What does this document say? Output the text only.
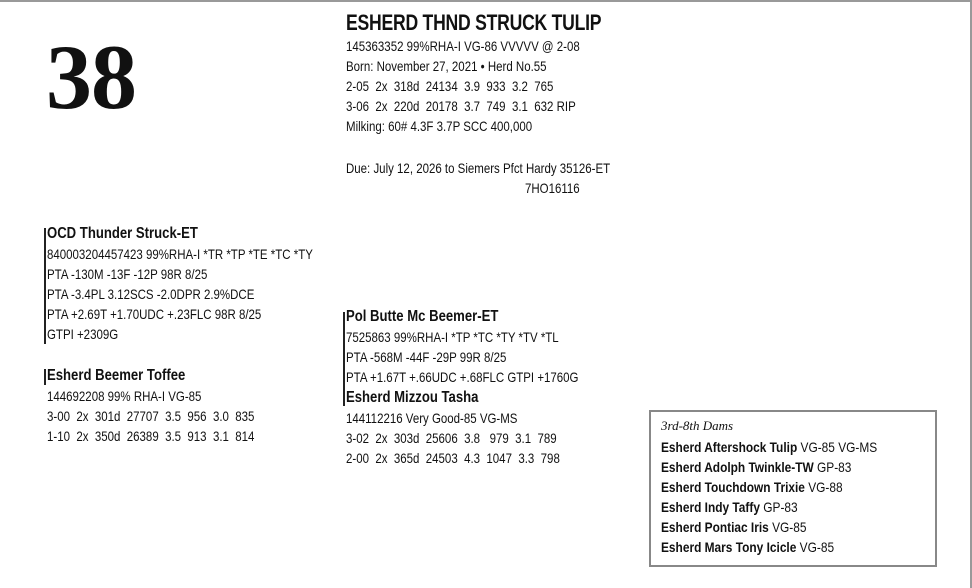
38
ESHERD THND STRUCK TULIP
145363352 99%RHA-I VG-86 VVVVV @ 2-08
Born: November 27, 2021 • Herd No.55
2-05  2x  318d  24134  3.9  933  3.2  765
3-06  2x  220d  20178  3.7  749  3.1  632 RIP
Milking: 60# 4.3F 3.7P SCC 400,000
Due: July 12, 2026 to Siemers Pfct Hardy 35126-ET
7HO16116
OCD Thunder Struck-ET
840003204457423 99%RHA-I *TR *TP *TE *TC *TY
PTA -130M -13F -12P 98R 8/25
PTA -3.4PL 3.12SCS -2.0DPR 2.9%DCE
PTA +2.69T +1.70UDC +.23FLC 98R 8/25
GTPI +2309G
Esherd Beemer Toffee
144692208 99% RHA-I VG-85
3-00  2x  301d  27707  3.5  956  3.0  835
1-10  2x  350d  26389  3.5  913  3.1  814
Pol Butte Mc Beemer-ET
7525863 99%RHA-I *TP *TC *TY *TV *TL
PTA -568M -44F -29P 99R 8/25
PTA +1.67T +.66UDC +.68FLC GTPI +1760G
Esherd Mizzou Tasha
144112216 Very Good-85 VG-MS
3-02  2x  303d  25606  3.8   979  3.1  789
2-00  2x  365d  24503  4.3  1047  3.3  798
3rd-8th Dams
Esherd Aftershock Tulip VG-85 VG-MS
Esherd Adolph Twinkle-TW GP-83
Esherd Touchdown Trixie VG-88
Esherd Indy Taffy GP-83
Esherd Pontiac Iris VG-85
Esherd Mars Tony Icicle VG-85
